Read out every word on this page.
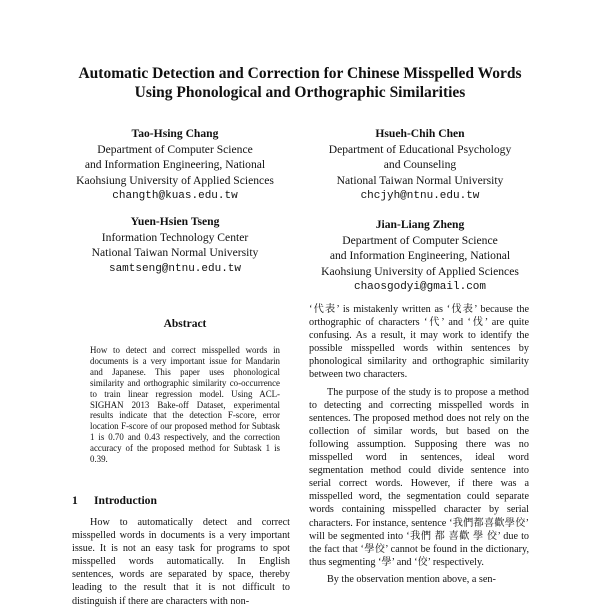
Automatic Detection and Correction for Chinese Misspelled Words
Using Phonological and Orthographic Similarities
Tao-Hsing Chang
Department of Computer Science
and Information Engineering, National
Kaohsiung University of Applied Sciences
changth@kuas.edu.tw
Hsueh-Chih Chen
Department of Educational Psychology
and Counseling
National Taiwan Normal University
chcjyh@ntnu.edu.tw
Yuen-Hsien Tseng
Information Technology Center
National Taiwan Normal University
samtseng@ntnu.edu.tw
Jian-Liang Zheng
Department of Computer Science
and Information Engineering, National
Kaohsiung University of Applied Sciences
chaosgodyi@gmail.com
Abstract
How to detect and correct misspelled words in documents is a very important issue for Mandarin and Japanese. This paper uses phonological similarity and orthographic similarity co-occurrence to train linear regression model. Using ACL-SIGHAN 2013 Bake-off Dataset, experimental results indicate that the detection F-score, error location F-score of our proposed method for Subtask 1 is 0.70 and 0.43 respectively, and the correction accuracy of the proposed method for Subtask 1 is 0.39.
1 Introduction

How to automatically detect and correct misspelled words in documents is a very important issue. It is not an easy task for programs to spot misspelled words automatically. In English sentences, words are separated by space, thereby leading to the result that it is not difficult to distinguish if there are characters with non-

‘代表’ is mistakenly written as ‘伐表’ because the orthographic of characters ‘代’ and ‘伐’ are quite confusing. As a result, it may work to identify the possible misspelled words within sentences by phonological similarity and orthographic similarity between two characters.

The purpose of the study is to propose a method to detecting and correcting misspelled words in sentences. The proposed method does not rely on the collection of similar words, but based on the following assumption. Supposing there was no misspelled word in sentences, ideal word segmentation method could divide sentence into serial correct words. However, if there was a misspelled word, the segmentation could separate words containing misspelled character by serial characters. For instance, sentence ‘我們都喜歡學佼’ will be segmented into ‘我們 都 喜歡 學 佼’ due to the fact that ‘學佼’ cannot be found in the dictionary, thus segmenting ‘學’ and ‘佼’ respectively.

By the observation mention above, a sen-
